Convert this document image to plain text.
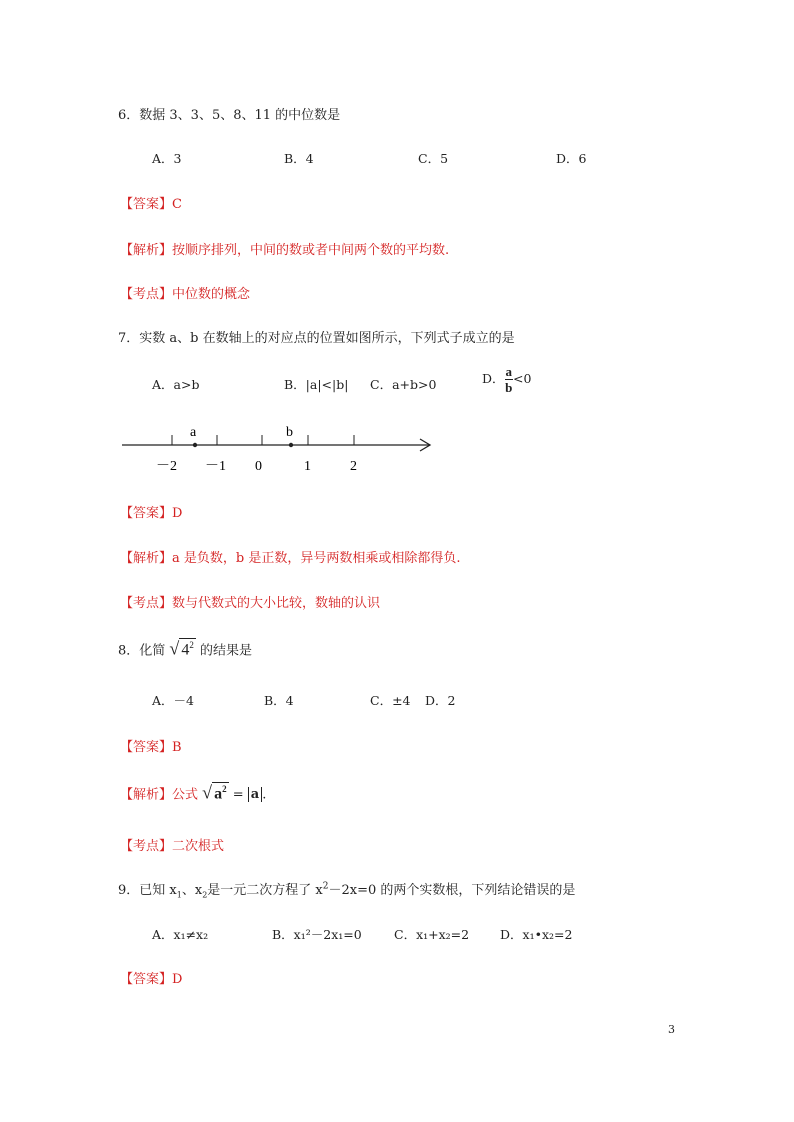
6．数据 3、3、5、8、11 的中位数是
A．3	B．4	C．5	D．6
【答案】C
【解析】按顺序排列，中间的数或者中间两个数的平均数.
【考点】中位数的概念
7．实数 a、b 在数轴上的对应点的位置如图所示，下列式子成立的是
A．a>b	B．|a|<|b| C．a+b>0	D． $\frac{a}{b} <0$
a	b
－2 －1 0	1	2
【答案】D
【解析】a 是负数，b 是正数，异号两数相乘或相除都得负.
【考点】数与代数式的大小比较，数轴的认识
8．化简 √ $4^2$ 的结果是
A．－4	B．4	C．±4 D．2
【答案】B
【解析】公式 √ $a^2 = a$ .
【考点】二次根式
9．已知 $x_1$、$x_2$是一元二次方程了 $x^2-2x=0$ 的两个实数根，下列结论错误的是
A．x₁≠x₂	B．x₁²－2x₁=0	C．x₁+x₂=2 D．x₁•x₂=2
【答案】D
3
